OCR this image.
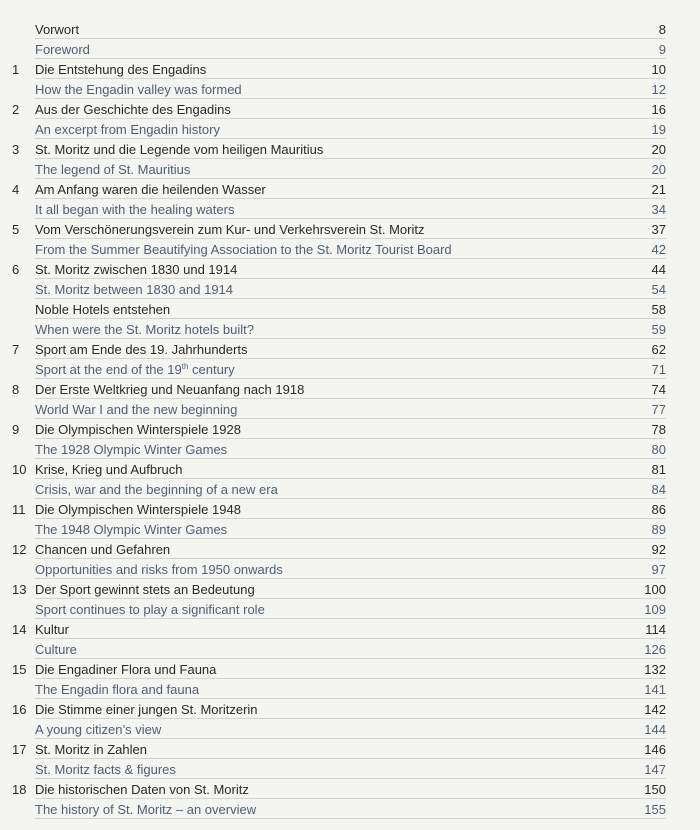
Vorwort	8
Foreword	9
1	Die Entstehung des Engadins	10
How the Engadin valley was formed	12
2	Aus der Geschichte des Engadins	16
An excerpt from Engadin history	19
3	St. Moritz und die Legende vom heiligen Mauritius	20
The legend of St. Mauritius	20
4	Am Anfang waren die heilenden Wasser	21
It all began with the healing waters	34
5	Vom Verschönerungsverein zum Kur- und Verkehrsverein St. Moritz	37
From the Summer Beautifying Association to the St. Moritz Tourist Board	42
6	St. Moritz zwischen 1830 und 1914	44
St. Moritz between 1830 and 1914	54
Noble Hotels entstehen	58
When were the St. Moritz hotels built?	59
7	Sport am Ende des 19. Jahrhunderts	62
Sport at the end of the 19th century	71
8	Der Erste Weltkrieg und Neuanfang nach 1918	74
World War I and the new beginning	77
9	Die Olympischen Winterspiele 1928	78
The 1928 Olympic Winter Games	80
10 Krise, Krieg und Aufbruch	81
Crisis, war and the beginning of a new era	84
11 Die Olympischen Winterspiele 1948	86
The 1948 Olympic Winter Games	89
12 Chancen und Gefahren	92
Opportunities and risks from 1950 onwards	97
13 Der Sport gewinnt stets an Bedeutung	100
Sport continues to play a significant role	109
14 Kultur	114
Culture	126
15 Die Engadiner Flora und Fauna	132
The Engadin flora and fauna	141
16 Die Stimme einer jungen St. Moritzerin	142
A young citizen’s view	144
17 St. Moritz in Zahlen	146
St. Moritz facts & figures	147
18 Die historischen Daten von St. Moritz	150
The history of St. Moritz – an overview	155
